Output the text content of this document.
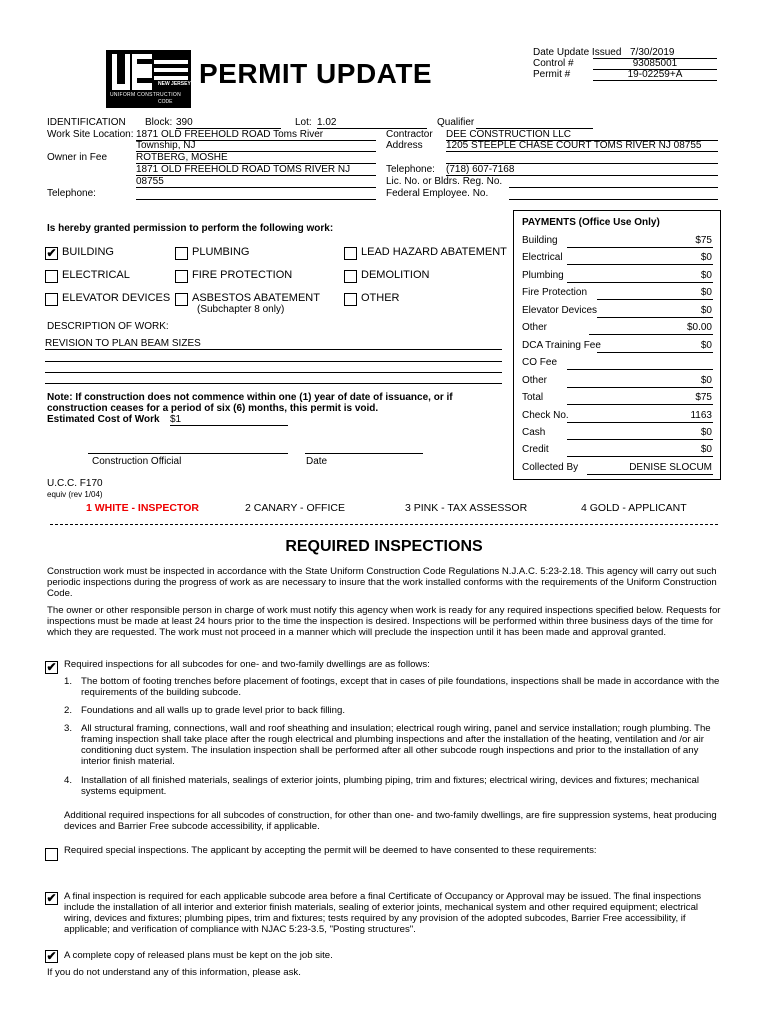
NEW JERSEY
UNIFORM CONSTRUCTION
CODE
PERMIT UPDATE
Date Update Issued 7/30/2019
Control #	93085001
Permit #	19-02259+A
IDENTIFICATION Block: 390	Lot: 1.02	Qualifier
Work Site Location: 1871 OLD FREEHOLD ROAD Toms River
Township, NJ
Owner in Fee	ROTBERG, MOSHE
1871 OLD FREEHOLD ROAD TOMS RIVER NJ
08755
Telephone:
Contractor DEE CONSTRUCTION LLC
Address 1205 STEEPLE CHASE COURT TOMS RIVER NJ 08755
Telephone: (718) 607-7168
Lic. No. or Bldrs. Reg. No.
Federal Employee. No.
Is hereby granted permission to perform the following work:
✔ BUILDING	PLUMBING	LEAD HAZARD ABATEMENT
ELECTRICAL	FIRE PROTECTION	DEMOLITION
ELEVATOR DEVICES ASBESTOS ABATEMENT
(Subchapter 8 only)
OTHER
DESCRIPTION OF WORK:
REVISION TO PLAN BEAM SIZES
Note: If construction does not commence within one (1) year of date of issuance, or if
construction ceases for a period of six (6) months, this permit is void.
Estimated Cost of Work $1
Construction Official	Date
U.C.C. F170
equiv (rev 1/04)
PAYMENTS (Office Use Only)
Building	$75
Electrical	$0
Plumbing	$0
Fire Protection	$0
Elevator Devices	$0
Other	$0.00
DCA Training Fee	$0
CO Fee
Other	$0
Total	$75
Check No.	1163
Cash	$0
Credit	$0
Collected By	DENISE SLOCUM
1 WHITE - INSPECTOR	2 CANARY - OFFICE	3 PINK - TAX ASSESSOR	4 GOLD - APPLICANT
REQUIRED INSPECTIONS
Construction work must be inspected in accordance with the State Uniform Construction Code Regulations N.J.A.C. 5:23-2.18. This agency will carry out such periodic inspections during the progress of work as are necessary to insure that the work installed conforms with the requirements of the Uniform Construction Code.
The owner or other responsible person in charge of work must notify this agency when work is ready for any required inspections specified below. Requests for inspections must be made at least 24 hours prior to the time the inspection is desired. Inspections will be performed within three business days of the time for which they are requested. The work must not proceed in a manner which will preclude the inspection until it has been made and approval granted.
✔ Required inspections for all subcodes for one- and two-family dwellings are as follows:
1. The bottom of footing trenches before placement of footings, except that in cases of pile foundations, inspections shall be made in accordance with the requirements of the building subcode.
2. Foundations and all walls up to grade level prior to back filling.
3. All structural framing, connections, wall and roof sheathing and insulation; electrical rough wiring, panel and service installation; rough plumbing. The framing inspection shall take place after the rough electrical and plumbing inspections and after the installation of the heating, ventilation and /or air conditioning duct system. The insulation inspection shall be performed after all other subcode rough inspections and prior to the installation of any interior finish material.
4. Installation of all finished materials, sealings of exterior joints, plumbing piping, trim and fixtures; electrical wiring, devices and fixtures; mechanical systems equipment.
Additional required inspections for all subcodes of construction, for other than one- and two-family dwellings, are fire suppression systems, heat producing devices and Barrier Free subcode accessibility, if applicable.
Required special inspections. The applicant by accepting the permit will be deemed to have consented to these requirements:
✔ A final inspection is required for each applicable subcode area before a final Certificate of Occupancy or Approval may be issued. The final inspections include the installation of all interior and exterior finish materials, sealing of exterior joints, mechanical system and other required equipment; electrical wiring, devices and fixtures; plumbing pipes, trim and fixtures; tests required by any provision of the adopted subcodes, Barrier Free accessibility, if applicable; and verification of compliance with NJAC 5:23-3.5, "Posting structures".
✔ A complete copy of released plans must be kept on the job site.
If you do not understand any of this information, please ask.
